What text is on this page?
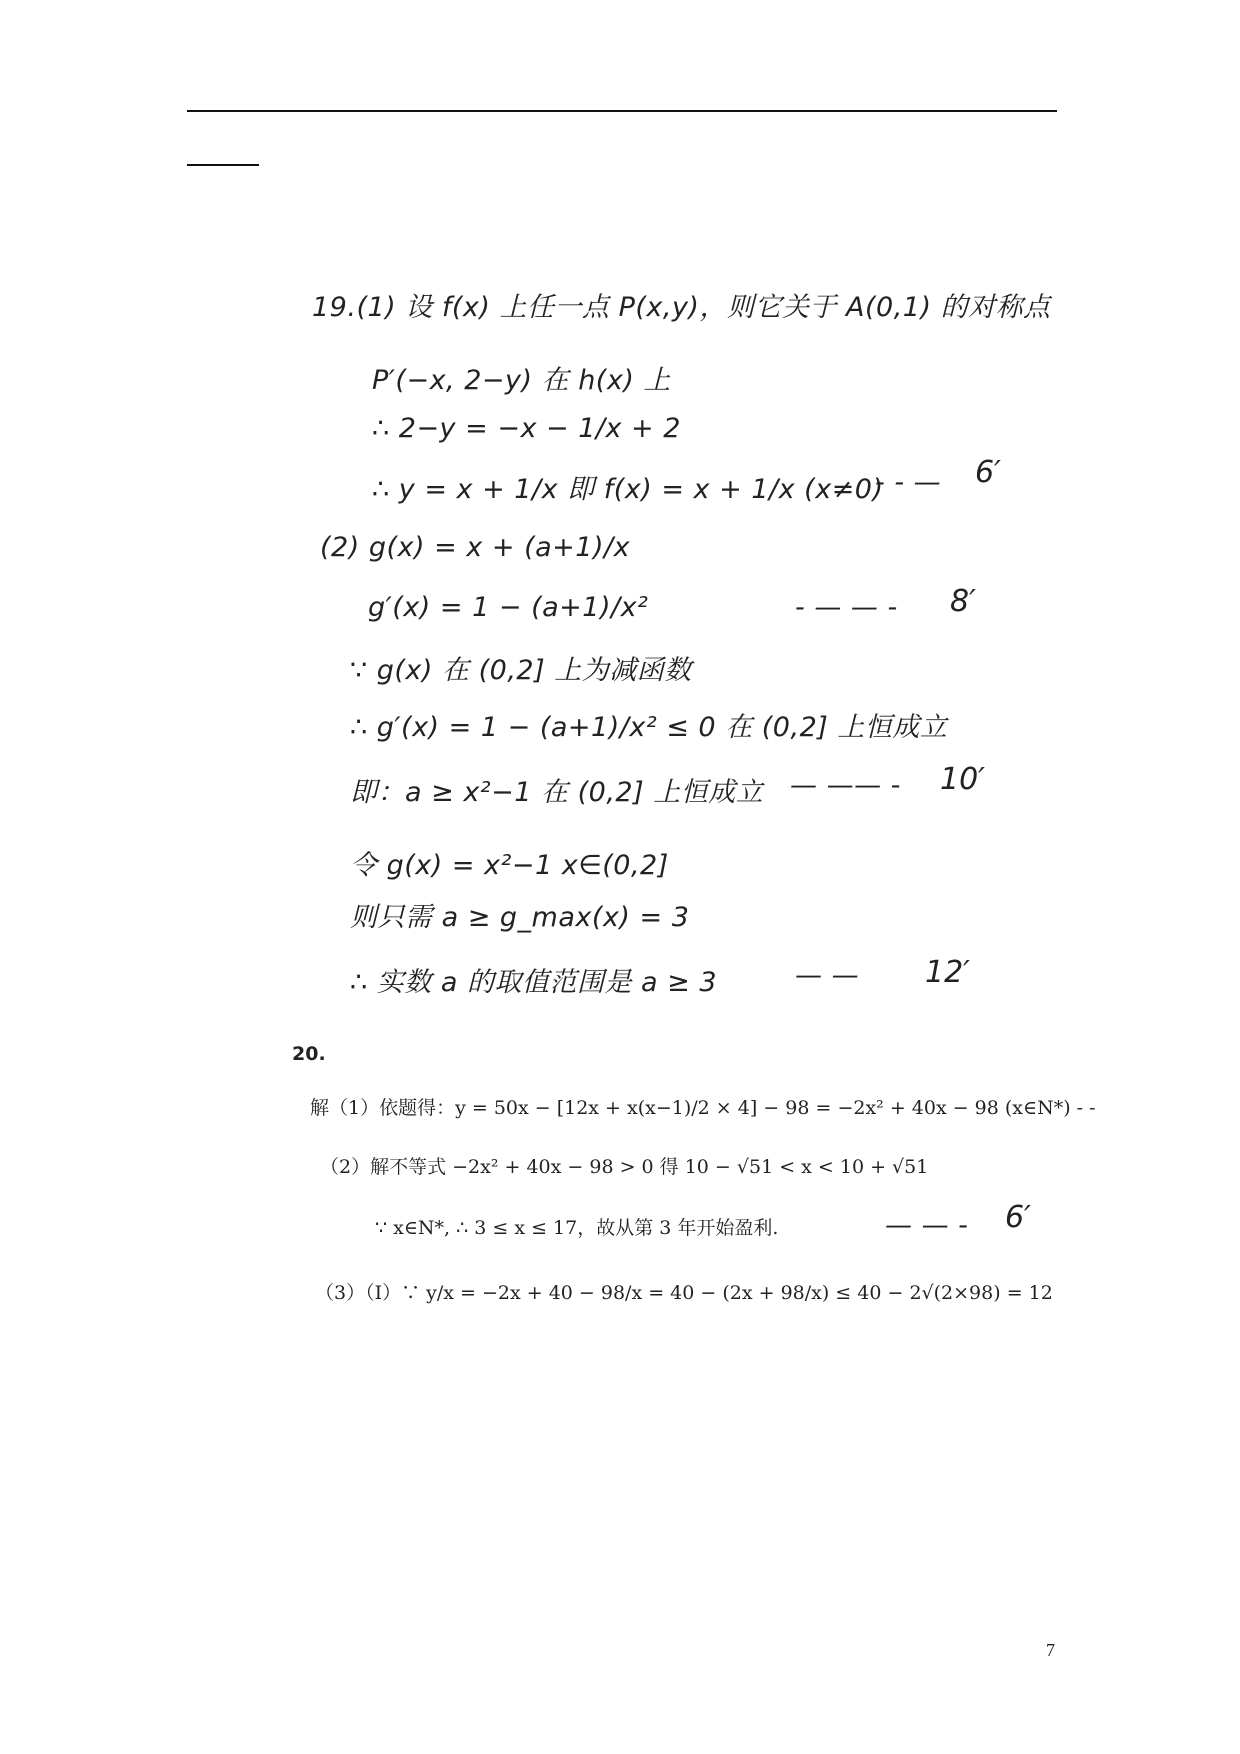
19.(1) 设 f(x) 上任一点 P(x,y)，则它关于 A(0,1) 的对称点
P′(−x, 2−y) 在 h(x) 上
∴ 2−y = −x − 1/x + 2
∴ y = x + 1/x 即 f(x) = x + 1/x (x≠0)
- - — 6′
(2) g(x) = x + (a+1)/x
g′(x) = 1 − (a+1)/x²	- — — - 8′
∵ g(x) 在 (0,2] 上为减函数
∴ g′(x) = 1 − (a+1)/x² ≤ 0 在 (0,2] 上恒成立
即：a ≥ x²−1 在 (0,2] 上恒成立 — —— - 10′
令 g(x) = x²−1 x∈(0,2]
则只需 a ≥ g_max(x) = 3
∴ 实数 a 的取值范围是 a ≥ 3	— — 12′
20.
解（1）依题得：y = 50x − [12x + x(x−1)/2 × 4] − 98 = −2x² + 40x − 98 (x∈N*) - -
（2）解不等式 −2x² + 40x − 98 > 0 得 10 − √51 < x < 10 + √51
∵ x∈N*, ∴ 3 ≤ x ≤ 17，故从第 3 年开始盈利.	— — - 6′
（3）（Ⅰ）∵ y/x = −2x + 40 − 98/x = 40 − (2x + 98/x) ≤ 40 − 2√(2×98) = 12
7
